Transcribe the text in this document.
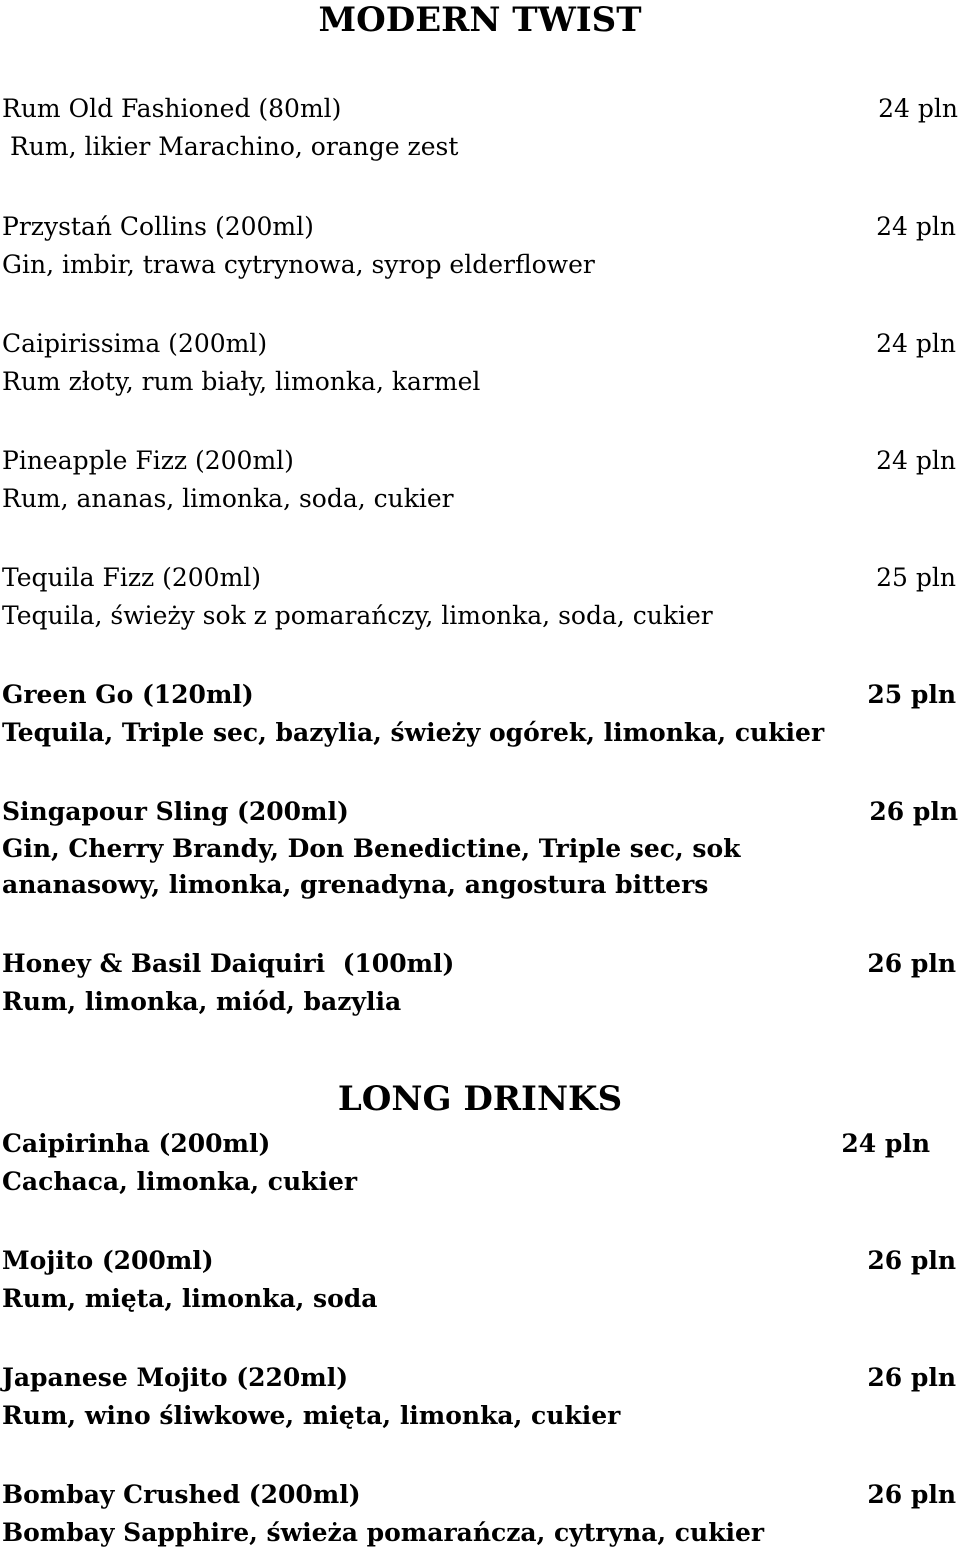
MODERN TWIST
Rum Old Fashioned (80ml)
Rum, likier Marachino, orange zest
24 pln
Przystań Collins (200ml)
Gin, imbir, trawa cytrynowa, syrop elderflower
24 pln
Caipirissima (200ml)
Rum złoty, rum biały, limonka, karmel
24 pln
Pineapple Fizz (200ml)
Rum, ananas, limonka, soda, cukier
24 pln
Tequila Fizz (200ml)
Tequila, świeży sok z pomarańczy, limonka, soda, cukier
25 pln
Green Go (120ml)
Tequila, Triple sec, bazylia, świeży ogórek, limonka, cukier
25 pln
Singapour Sling (200ml)
Gin, Cherry Brandy, Don Benedictine, Triple sec, sok ananasowy, limonka, grenadyna, angostura bitters
26 pln
Honey & Basil Daiquiri  (100ml)
Rum, limonka, miód, bazylia
26 pln
LONG DRINKS
Caipirinha (200ml)
Cachaca, limonka, cukier
24 pln
Mojito (200ml)
Rum, mięta, limonka, soda
26 pln
Japanese Mojito (220ml)
Rum, wino śliwkowe, mięta, limonka, cukier
26 pln
Bombay Crushed (200ml)
Bombay Sapphire, świeża pomarańcza, cytryna, cukier
26 pln
